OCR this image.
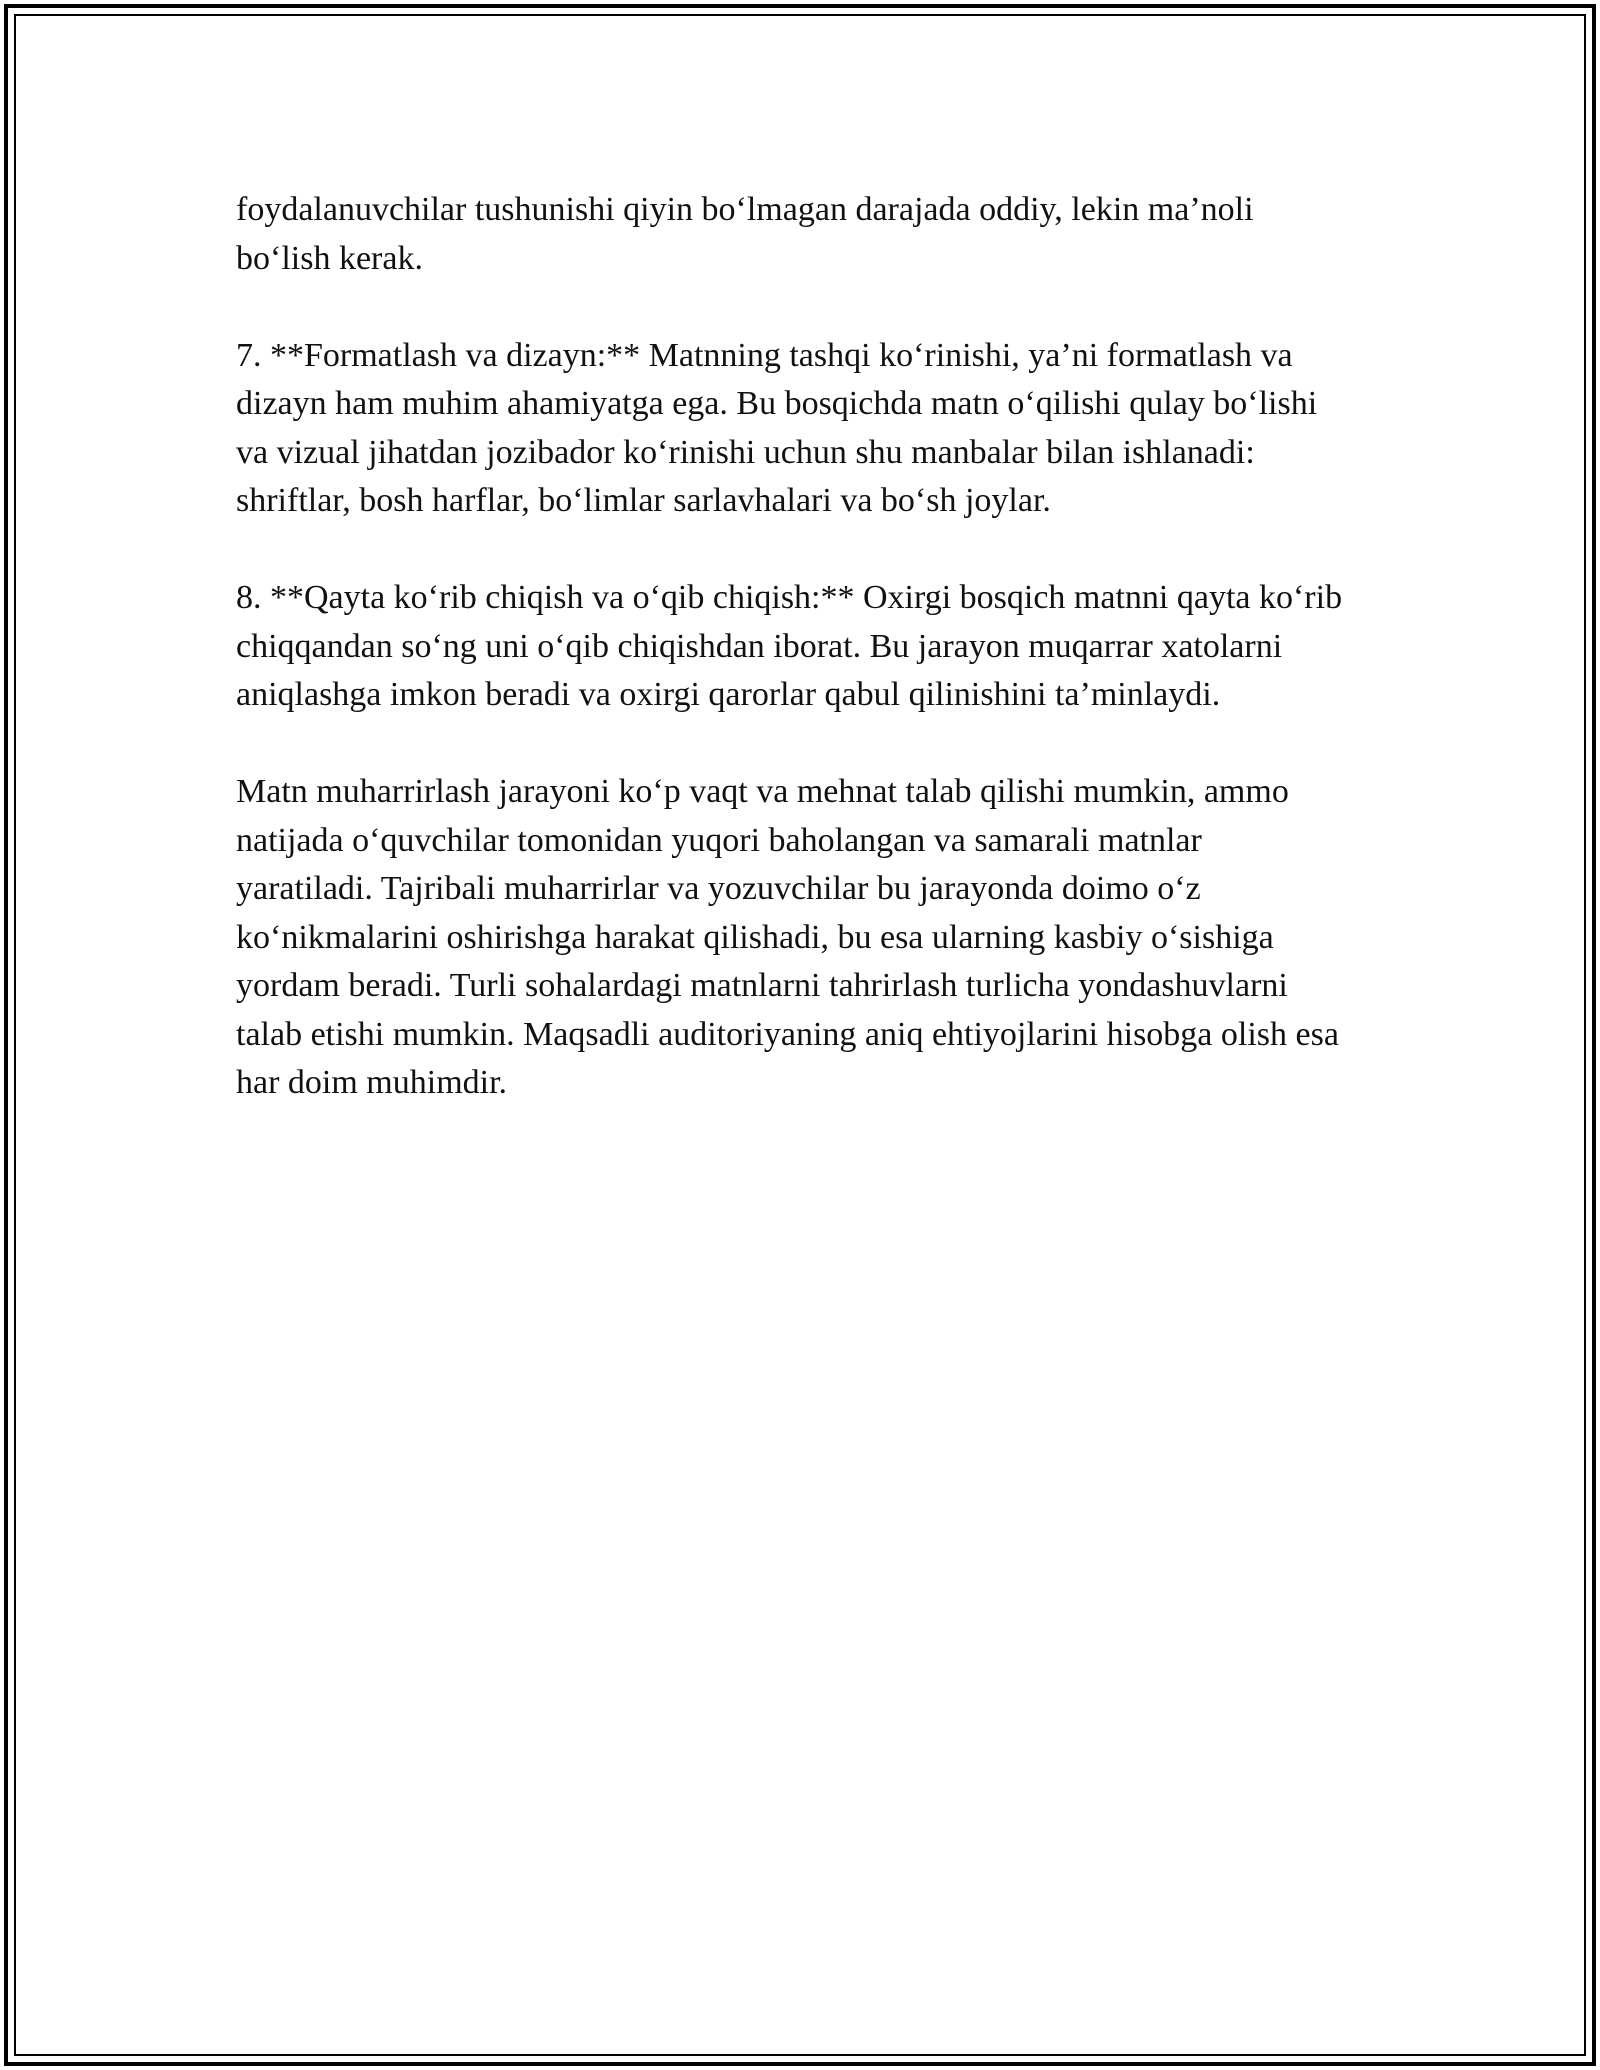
foydalanuvchilar tushunishi qiyin bo‘lmagan darajada oddiy, lekin ma’noli bo‘lish kerak.

7. **Formatlash va dizayn:** Matnning tashqi ko‘rinishi, ya’ni formatlash va dizayn ham muhim ahamiyatga ega. Bu bosqichda matn o‘qilishi qulay bo‘lishi va vizual jihatdan jozibador ko‘rinishi uchun shu manbalar bilan ishlanadi: shriftlar, bosh harflar, bo‘limlar sarlavhalari va bo‘sh joylar.

8. **Qayta ko‘rib chiqish va o‘qib chiqish:** Oxirgi bosqich matnni qayta ko‘rib chiqqandan so‘ng uni o‘qib chiqishdan iborat. Bu jarayon muqarrar xatolarni aniqlashga imkon beradi va oxirgi qarorlar qabul qilinishini ta’minlaydi.

Matn muharrirlash jarayoni ko‘p vaqt va mehnat talab qilishi mumkin, ammo natijada o‘quvchilar tomonidan yuqori baholangan va samarali matnlar yaratiladi. Tajribali muharrirlar va yozuvchilar bu jarayonda doimo o‘z ko‘nikmalarini oshirishga harakat qilishadi, bu esa ularning kasbiy o‘sishiga yordam beradi. Turli sohalardagi matnlarni tahrirlash turlicha yondashuvlarni talab etishi mumkin. Maqsadli auditoriyaning aniq ehtiyojlarini hisobga olish esa har doim muhimdir.
